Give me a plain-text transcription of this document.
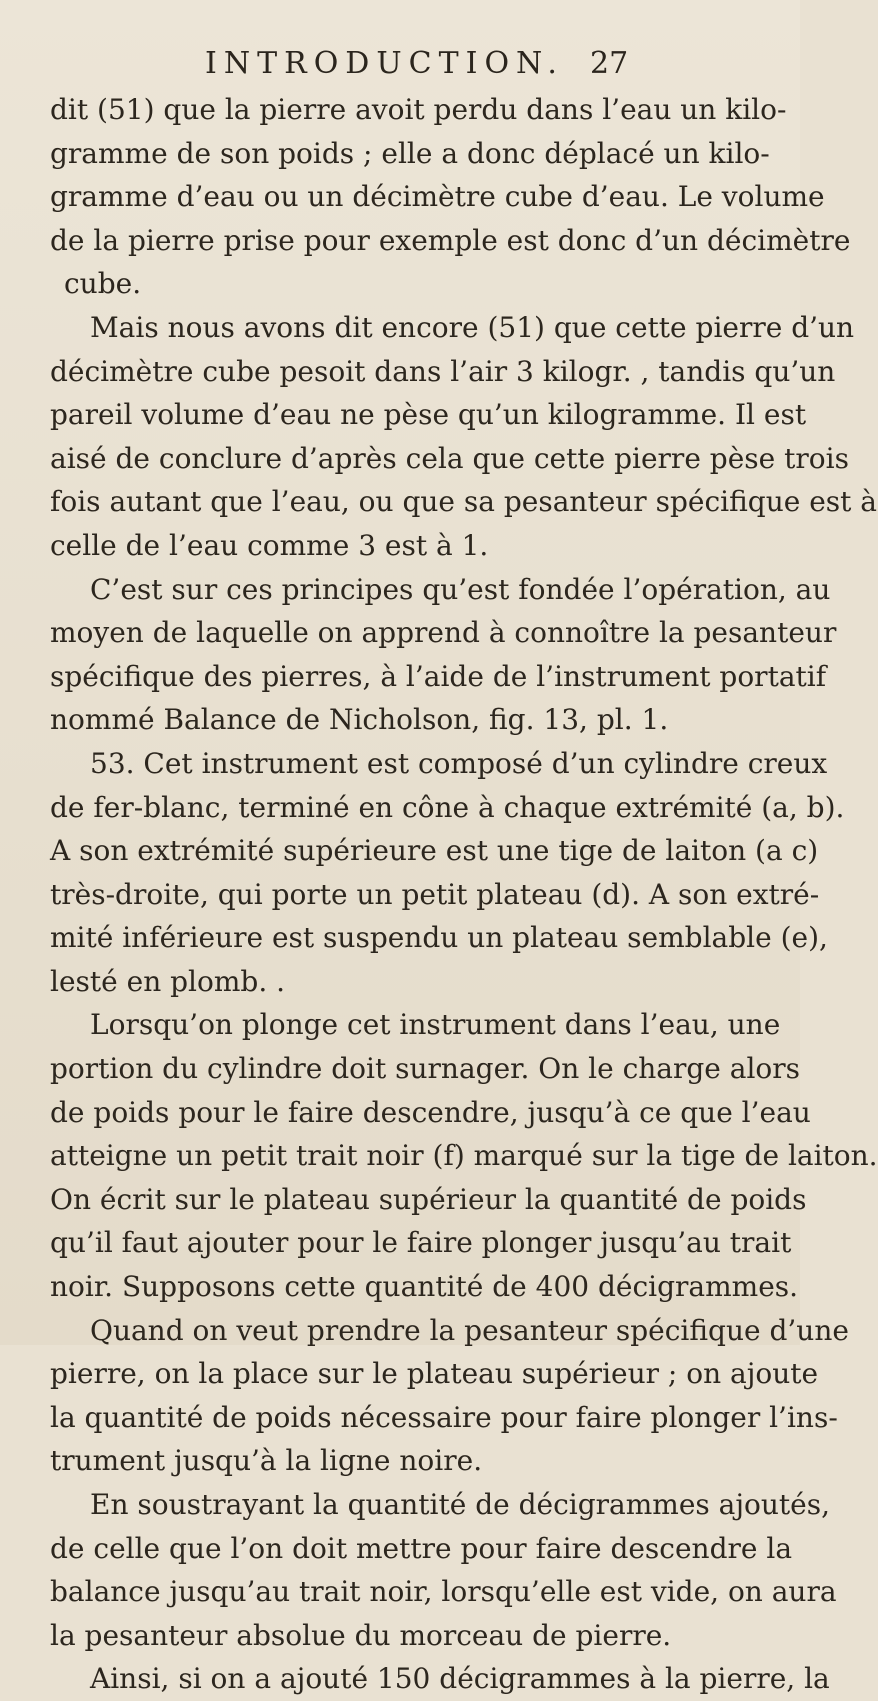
INTRODUCTION. 27
dit (51) que la pierre avoit perdu dans l’eau un kilo-
gramme de son poids ; elle a donc déplacé un kilo-
gramme d’eau ou un décimètre cube d’eau. Le volume
de la pierre prise pour exemple est donc d’un décimètre
cube.
Mais nous avons dit encore (51) que cette pierre d’un
décimètre cube pesoit dans l’air 3 kilogr. , tandis qu’un
pareil volume d’eau ne pèse qu’un kilogramme. Il est
aisé de conclure d’après cela que cette pierre pèse trois
fois autant que l’eau, ou que sa pesanteur spécifique est à
celle de l’eau comme 3 est à 1.
C’est sur ces principes qu’est fondée l’opération, au
moyen de laquelle on apprend à connoître la pesanteur
spécifique des pierres, à l’aide de l’instrument portatif
nommé Balance de Nicholson, fig. 13, pl. 1.
53. Cet instrument est composé d’un cylindre creux
de fer-blanc, terminé en cône à chaque extrémité (a, b).
A son extrémité supérieure est une tige de laiton (a c)
très-droite, qui porte un petit plateau (d). A son extré-
mité inférieure est suspendu un plateau semblable (e),
lesté en plomb. .
Lorsqu’on plonge cet instrument dans l’eau, une
portion du cylindre doit surnager. On le charge alors
de poids pour le faire descendre, jusqu’à ce que l’eau
atteigne un petit trait noir (f) marqué sur la tige de laiton.
On écrit sur le plateau supérieur la quantité de poids
qu’il faut ajouter pour le faire plonger jusqu’au trait
noir. Supposons cette quantité de 400 décigrammes.
Quand on veut prendre la pesanteur spécifique d’une
pierre, on la place sur le plateau supérieur ; on ajoute
la quantité de poids nécessaire pour faire plonger l’ins-
trument jusqu’à la ligne noire.
En soustrayant la quantité de décigrammes ajoutés,
de celle que l’on doit mettre pour faire descendre la
balance jusqu’au trait noir, lorsqu’elle est vide, on aura
la pesanteur absolue du morceau de pierre.
Ainsi, si on a ajouté 150 décigrammes à la pierre, la
